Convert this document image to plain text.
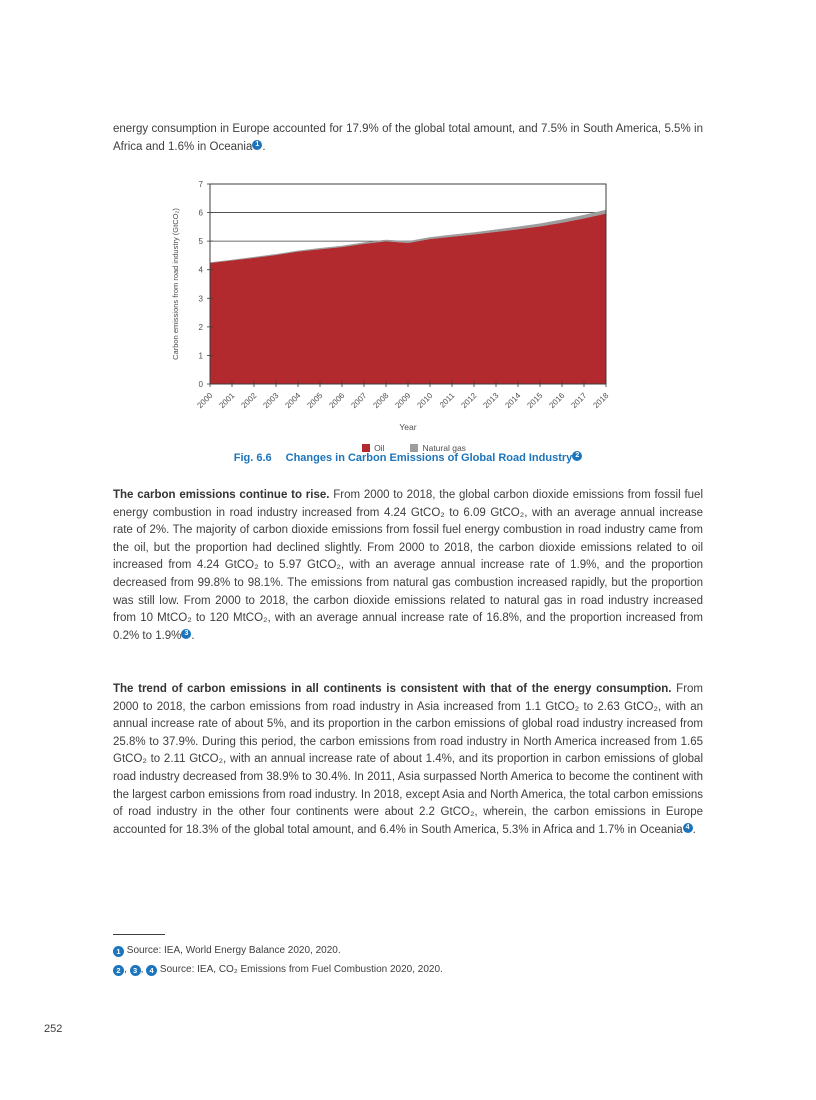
energy consumption in Europe accounted for 17.9% of the global total amount, and 7.5% in South America, 5.5% in Africa and 1.6% in Oceania 1 .

0
1
2
3
4
5
6
7
2000 2001 2002 2003 2004 2005 2006 2007 2008 2009 2010 2011 2012 2013 2014 2015 2016 2017 2018
Carbon emissions from road industry (GtCO₂)
Year
Oil	Natural gas
Fig. 6.6 Changes in Carbon Emissions of Global Road Industry 2

The carbon emissions continue to rise. From 2000 to 2018, the global carbon dioxide emissions from fossil fuel energy combustion in road industry increased from 4.24 GtCO₂ to 6.09 GtCO₂, with an average annual increase rate of 2%. The majority of carbon dioxide emissions from fossil fuel energy combustion in road industry came from the oil, but the proportion had declined slightly. From 2000 to 2018, the carbon dioxide emissions related to oil increased from 4.24 GtCO₂ to 5.97 GtCO₂, with an average annual increase rate of 1.9%, and the proportion decreased from 99.8% to 98.1%. The emissions from natural gas combustion increased rapidly, but the proportion was still low. From 2000 to 2018, the carbon dioxide emissions related to natural gas in road industry increased from 10 MtCO₂ to 120 MtCO₂, with an average annual increase rate of 16.8%, and the proportion increased from 0.2% to 1.9% 3 .

The trend of carbon emissions in all continents is consistent with that of the energy consumption. From 2000 to 2018, the carbon emissions from road industry in Asia increased from 1.1 GtCO₂ to 2.63 GtCO₂, with an annual increase rate of about 5%, and its proportion in the carbon emissions of global road industry increased from 25.8% to 37.9%. During this period, the carbon emissions from road industry in North America increased from 1.65 GtCO₂ to 2.11 GtCO₂, with an annual increase rate of about 1.4%, and its proportion in carbon emissions of global road industry decreased from 38.9% to 30.4%. In 2011, Asia surpassed North America to become the continent with the largest carbon emissions from road industry. In 2018, except Asia and North America, the total carbon emissions of road industry in the other four continents were about 2.2 GtCO₂, wherein, the carbon emissions in Europe accounted for 18.3% of the global total amount, and 6.4% in South America, 5.3% in Africa and 1.7% in Oceania 4 .

1 Source: IEA, World Energy Balance 2020, 2020.
2 , 3 , 4 Source: IEA, CO₂ Emissions from Fuel Combustion 2020, 2020.
252
